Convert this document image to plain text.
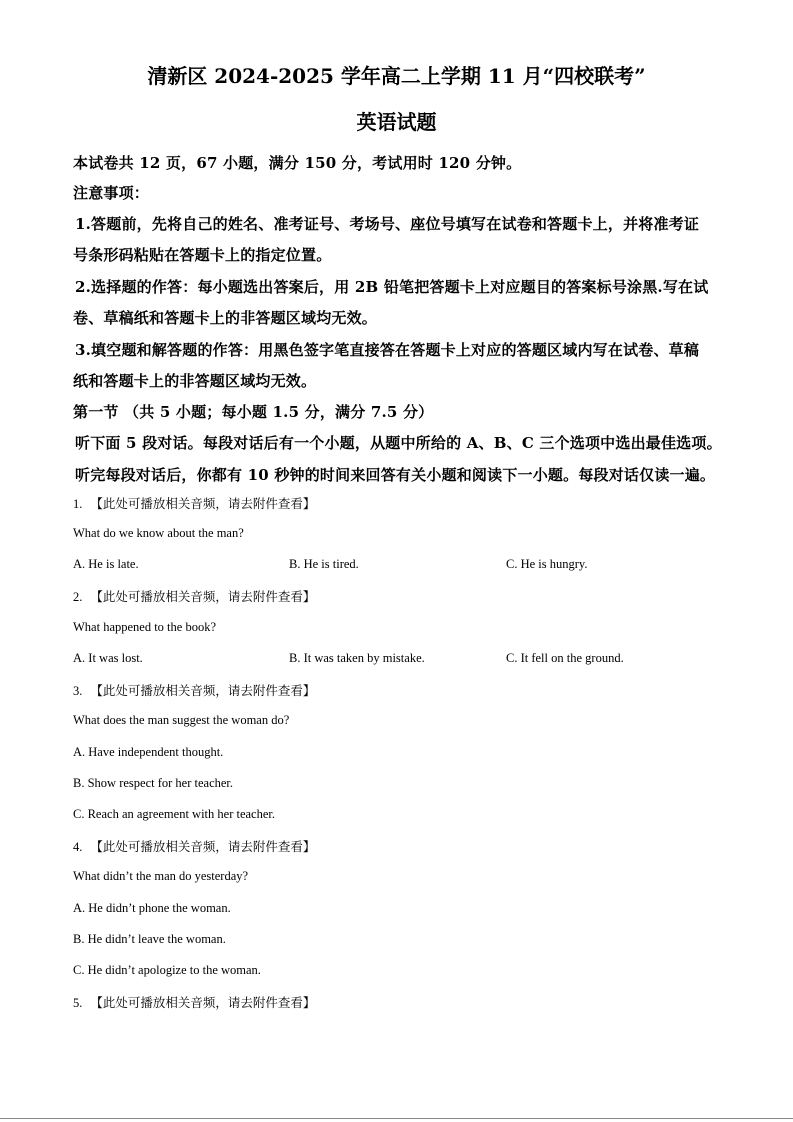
清新区 2024-2025 学年高二上学期 11 月“四校联考”
英语试题
本试卷共 12 页，67 小题，满分 150 分，考试用时 120 分钟。
注意事项：
1.答题前，先将自己的姓名、准考证号、考场号、座位号填写在试卷和答题卡上，并将准考证
号条形码粘贴在答题卡上的指定位置。
2.选择题的作答：每小题选出答案后，用 2B 铅笔把答题卡上对应题目的答案标号涂黑.写在试
卷、草稿纸和答题卡上的非答题区域均无效。
3.填空题和解答题的作答：用黑色签字笔直接答在答题卡上对应的答题区域内写在试卷、草稿
纸和答题卡上的非答题区域均无效。
第一节 （共 5 小题；每小题 1.5 分，满分 7.5 分）
听下面 5 段对话。每段对话后有一个小题，从题中所给的 A、B、C 三个选项中选出最佳选项。
听完每段对话后，你都有 10 秒钟的时间来回答有关小题和阅读下一小题。每段对话仅读一遍。
1. 【此处可播放相关音频，请去附件查看】
What do we know about the man?
A. He is late.	B. He is tired.	C. He is hungry.
2. 【此处可播放相关音频，请去附件查看】
What happened to the book?
A. It was lost.	B. It was taken by mistake.	C. It fell on the ground.
3. 【此处可播放相关音频，请去附件查看】
What does the man suggest the woman do?
A. Have independent thought.
B. Show respect for her teacher.
C. Reach an agreement with her teacher.
4. 【此处可播放相关音频，请去附件查看】
What didn’t the man do yesterday?
A. He didn’t phone the woman.
B. He didn’t leave the woman.
C. He didn’t apologize to the woman.
5. 【此处可播放相关音频，请去附件查看】
